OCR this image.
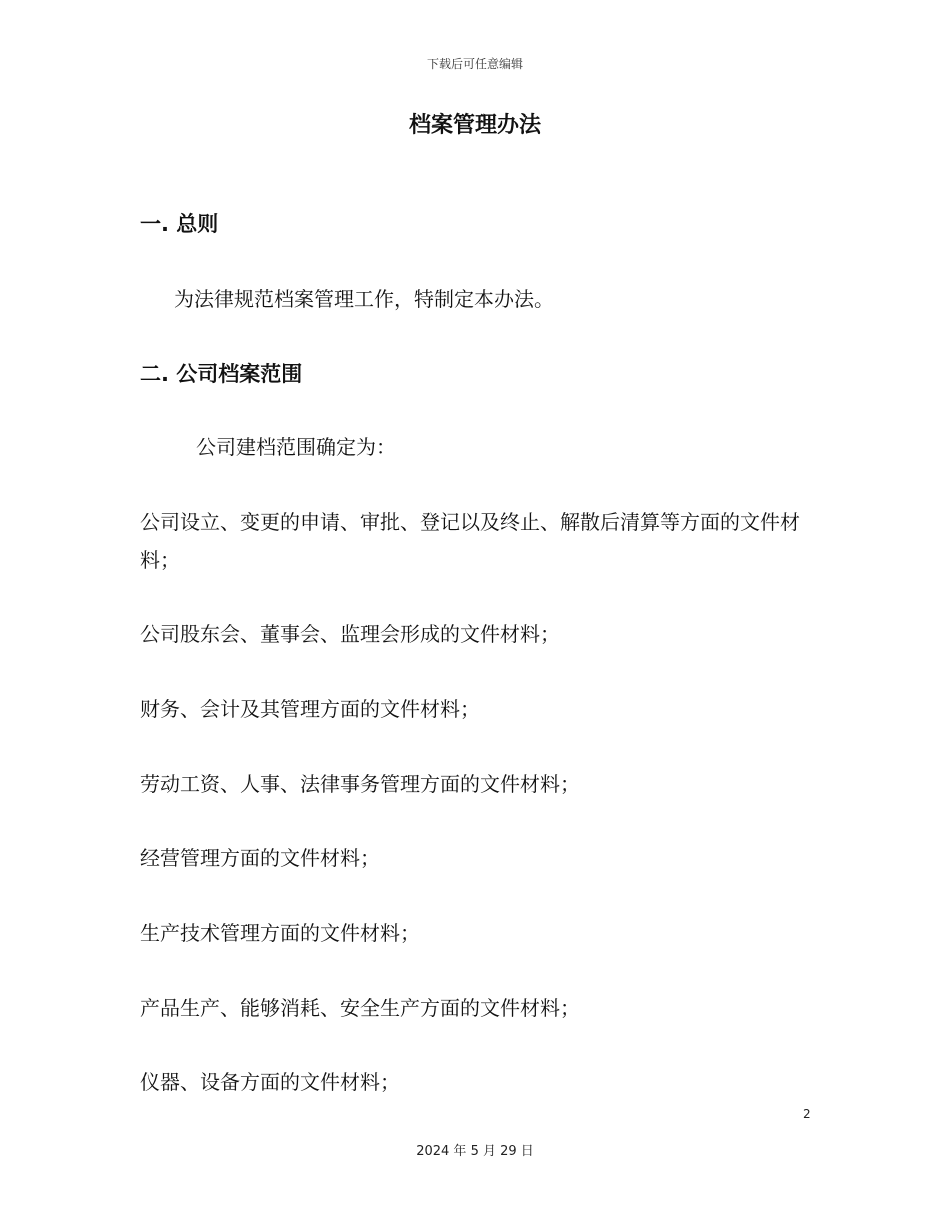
下载后可任意编辑
档案管理办法
一. 总则
为法律规范档案管理工作，特制定本办法。
二. 公司档案范围
公司建档范围确定为：
公司设立、变更的申请、审批、登记以及终止、解散后清算等方面的文件材料；
公司股东会、董事会、监理会形成的文件材料；
财务、会计及其管理方面的文件材料；
劳动工资、人事、法律事务管理方面的文件材料；
经营管理方面的文件材料；
生产技术管理方面的文件材料；
产品生产、能够消耗、安全生产方面的文件材料；
仪器、设备方面的文件材料；
2
2024 年 5 月 29 日
